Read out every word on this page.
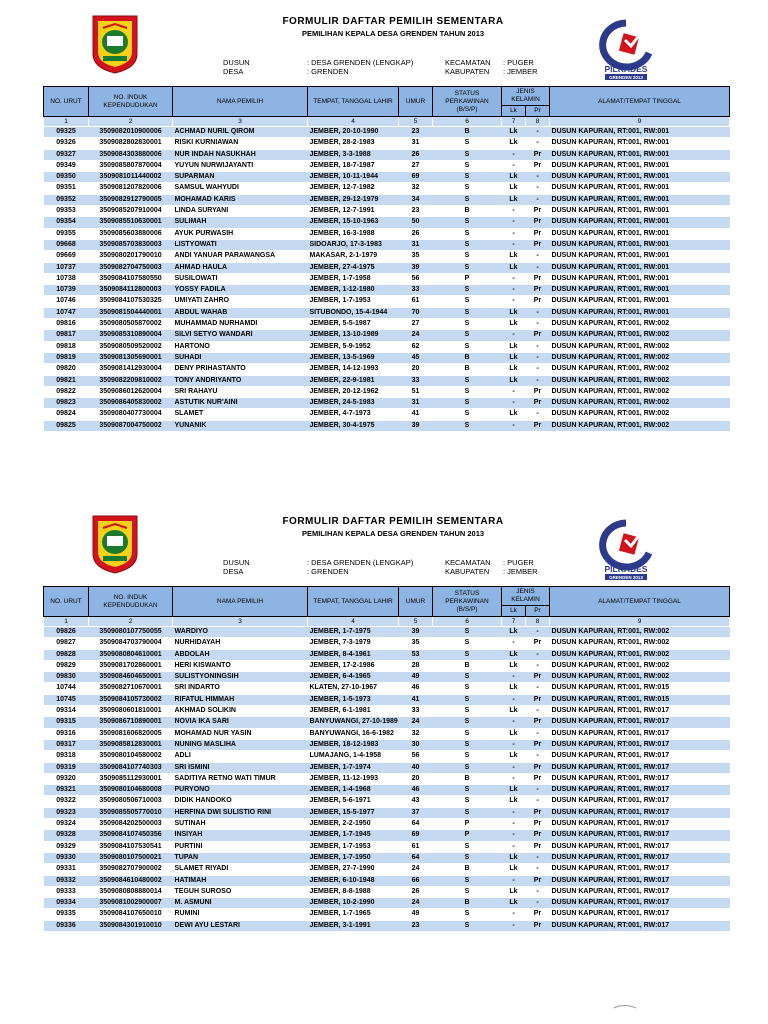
FORMULIR DAFTAR PEMILIH SEMENTARA
PEMILIHAN KEPALA DESA GRENDEN TAHUN 2013
DUSUN
DESA
: DESA GRENDEN (LENGKAP)
: GRENDEN
KECAMATAN
KABUPATEN
: PUGER
: JEMBER	PILKADES
GRENDEN 2013
NO. URUT	NO. INDUK
KEPENDUDUKAN	NAMA PEMILIH	TEMPAT, TANGGAL LAHIR	UMUR	STATUS
PERKAWINAN
(B/S/P)	JENIS KELAMIN		ALAMAT/TEMPAT TINGGAL
						Lk	Pr	
1	2	3	4	5	6	7	8	9
09325	3509082010900006	ACHMAD NURIL QIROM	JEMBER, 20-10-1990	23	B	Lk	-	DUSUN KAPURAN, RT:001, RW:001
09326	3509082802830001	RISKI KURNIAWAN	JEMBER, 28-2-1983	31	S	Lk	-	DUSUN KAPURAN, RT:001, RW:001
09327	3509084303880006	NUR INDAH NASUKHAH	JEMBER, 3-3-1988	26	S	-	Pr	DUSUN KAPURAN, RT:001, RW:001
09349	3509085807870004	YUYUN NURWIJAYANTI	JEMBER, 18-7-1987	27	S	-	Pr	DUSUN KAPURAN, RT:001, RW:001
09350	3509081011440002	SUPARMAN	JEMBER, 10-11-1944	69	S	Lk	-	DUSUN KAPURAN, RT:001, RW:001
09351	3509081207820006	SAMSUL WAHYUDI	JEMBER, 12-7-1982	32	S	Lk	-	DUSUN KAPURAN, RT:001, RW:001
09352	3509082912790005	MOHAMAD KARIS	JEMBER, 29-12-1979	34	S	Lk	-	DUSUN KAPURAN, RT:001, RW:001
09353	3509085207910004	LINDA SURYANI	JEMBER, 12-7-1991	23	B	-	Pr	DUSUN KAPURAN, RT:001, RW:001
09354	3509085510630001	SULIMAH	JEMBER, 15-10-1963	50	S	-	Pr	DUSUN KAPURAN, RT:001, RW:001
09355	3509085603880006	AYUK PURWASIH	JEMBER, 16-3-1988	26	S	-	Pr	DUSUN KAPURAN, RT:001, RW:001
09668	3509085703830003	LISTYOWATI	SIDOARJO, 17-3-1983	31	S	-	Pr	DUSUN KAPURAN, RT:001, RW:001
09669	3509080201790010	ANDI YANUAR PARAWANGSA	MAKASAR, 2-1-1979	35	S	Lk	-	DUSUN KAPURAN, RT:001, RW:001
10737	3509082704750003	AHMAD HAULA	JEMBER, 27-4-1975	39	S	Lk	-	DUSUN KAPURAN, RT:001, RW:001
10738	3509084107580550	SUSILOWATI	JEMBER, 1-7-1958	56	P	-	Pr	DUSUN KAPURAN, RT:001, RW:001
10739	3509084112800003	YOSSY FADILA	JEMBER, 1-12-1980	33	S	-	Pr	DUSUN KAPURAN, RT:001, RW:001
10746	3509084107530325	UMIYATI ZAHRO	JEMBER, 1-7-1953	61	S	-	Pr	DUSUN KAPURAN, RT:001, RW:001
10747	3509081504440001	ABDUL WAHAB	SITUBONDO, 15-4-1944	70	S	Lk	-	DUSUN KAPURAN, RT:001, RW:001
09816	3509080505870002	MUHAMMAD NURHAMDI	JEMBER, 5-5-1987	27	S	Lk	-	DUSUN KAPURAN, RT:001, RW:002
09817	3509085310890004	SILVI SETYO WANDARI	JEMBER, 13-10-1989	24	S	-	Pr	DUSUN KAPURAN, RT:001, RW:002
09818	3509080509520002	HARTONO	JEMBER, 5-9-1952	62	S	Lk	-	DUSUN KAPURAN, RT:001, RW:002
09819	3509081305690001	SUHADI	JEMBER, 13-5-1969	45	B	Lk	-	DUSUN KAPURAN, RT:001, RW:002
09820	3509081412930004	DENY PRIHASTANTO	JEMBER, 14-12-1993	20	B	Lk	-	DUSUN KAPURAN, RT:001, RW:002
09821	3509082209810002	TONY ANDRIYANTO	JEMBER, 22-9-1981	33	S	Lk	-	DUSUN KAPURAN, RT:001, RW:002
09822	3509086012620004	SRI RAHAYU	JEMBER, 20-12-1962	51	S	-	Pr	DUSUN KAPURAN, RT:001, RW:002
09823	3509086405830002	ASTUTIK NUR'AINI	JEMBER, 24-5-1983	31	S	-	Pr	DUSUN KAPURAN, RT:001, RW:002
09824	3509080407730004	SLAMET	JEMBER, 4-7-1973	41	S	Lk	-	DUSUN KAPURAN, RT:001, RW:002
09825	3509087004750002	YUNANIK	JEMBER, 30-4-1975	39	S	-	Pr	DUSUN KAPURAN, RT:001, RW:002
FORMULIR DAFTAR PEMILIH SEMENTARA
PEMILIHAN KEPALA DESA GRENDEN TAHUN 2013
DUSUN
DESA
: DESA GRENDEN (LENGKAP)
: GRENDEN
KECAMATAN
KABUPATEN
: PUGER
: JEMBER	PILKADES
GRENDEN 2013
NO. URUT	NO. INDUK
KEPENDUDUKAN	NAMA PEMILIH	TEMPAT, TANGGAL LAHIR	UMUR	STATUS
PERKAWINAN
(B/S/P)	JENIS KELAMIN		ALAMAT/TEMPAT TINGGAL
						Lk	Pr	
1	2	3	4	5	6	7	8	9
09826	3509080107750055	WARDIYO	JEMBER, 1-7-1975	39	S	Lk	-	DUSUN KAPURAN, RT:001, RW:002
09827	3509084703790004	NURHIDAYAH	JEMBER, 7-3-1979	35	S	-	Pr	DUSUN KAPURAN, RT:001, RW:002
09828	3509080804610001	ABDOLAH	JEMBER, 8-4-1961	53	S	Lk	-	DUSUN KAPURAN, RT:001, RW:002
09829	3509081702860001	HERI KISWANTO	JEMBER, 17-2-1986	28	B	Lk	-	DUSUN KAPURAN, RT:001, RW:002
09830	3509084604650001	SULISTYONINGSIH	JEMBER, 6-4-1965	49	S	-	Pr	DUSUN KAPURAN, RT:001, RW:002
10744	3509082710670001	SRI INDARTO	KLATEN, 27-10-1967	46	S	Lk	-	DUSUN KAPURAN, RT:001, RW:015
10745	3509084105730002	RIFATUL HIMMAH	JEMBER, 1-5-1973	41	S	-	Pr	DUSUN KAPURAN, RT:001, RW:015
09314	3509080601810001	AKHMAD SOLIKIN	JEMBER, 6-1-1981	33	S	Lk	-	DUSUN KAPURAN, RT:001, RW:017
09315	3509086710890001	NOVIA IKA SARI	BANYUWANGI, 27-10-1989	24	S	-	Pr	DUSUN KAPURAN, RT:001, RW:017
09316	3509081606820005	MOHAMAD NUR YASIN	BANYUWANGI, 16-6-1982	32	S	Lk	-	DUSUN KAPURAN, RT:001, RW:017
09317	3509085812830001	NUNING MASLIHA	JEMBER, 18-12-1983	30	S	-	Pr	DUSUN KAPURAN, RT:001, RW:017
09318	3509080104580002	ADLI	LUMAJANG, 1-4-1958	56	S	Lk	-	DUSUN KAPURAN, RT:001, RW:017
09319	3509084107740303	SRI ISMINI	JEMBER, 1-7-1974	40	S	-	Pr	DUSUN KAPURAN, RT:001, RW:017
09320	3509085112930001	SADITIYA RETNO WATI TIMUR	JEMBER, 11-12-1993	20	B	-	Pr	DUSUN KAPURAN, RT:001, RW:017
09321	3509080104680008	PURYONO	JEMBER, 1-4-1968	46	S	Lk	-	DUSUN KAPURAN, RT:001, RW:017
09322	3509080506710003	DIDIK HANDOKO	JEMBER, 5-6-1971	43	S	Lk	-	DUSUN KAPURAN, RT:001, RW:017
09323	3509085505770010	HERFINA DWI SULISTIO RINI	JEMBER, 15-5-1977	37	S	-	Pr	DUSUN KAPURAN, RT:001, RW:017
09324	3509084202500003	SUTINAH	JEMBER, 2-2-1950	64	P	-	Pr	DUSUN KAPURAN, RT:001, RW:017
09328	3509084107450356	INSIYAH	JEMBER, 1-7-1945	69	P	-	Pr	DUSUN KAPURAN, RT:001, RW:017
09329	3509084107530541	PURTINI	JEMBER, 1-7-1953	61	S	-	Pr	DUSUN KAPURAN, RT:001, RW:017
09330	3509080107500021	TUPAN	JEMBER, 1-7-1950	64	S	Lk	-	DUSUN KAPURAN, RT:001, RW:017
09331	3509082707900002	SLAMET RIYADI	JEMBER, 27-7-1990	24	B	Lk	-	DUSUN KAPURAN, RT:001, RW:017
09332	3509084610480002	HATIMAH	JEMBER, 6-10-1948	66	S	-	Pr	DUSUN KAPURAN, RT:001, RW:017
09333	3509080808880014	TEGUH SUROSO	JEMBER, 8-8-1988	26	S	Lk	-	DUSUN KAPURAN, RT:001, RW:017
09334	3509081002900007	M. ASMUNI	JEMBER, 10-2-1990	24	B	Lk	-	DUSUN KAPURAN, RT:001, RW:017
09335	3509084107650010	RUMINI	JEMBER, 1-7-1965	49	S	-	Pr	DUSUN KAPURAN, RT:001, RW:017
09336	3509084301910010	DEWI AYU LESTARI	JEMBER, 3-1-1991	23	S	-	Pr	DUSUN KAPURAN, RT:001, RW:017
